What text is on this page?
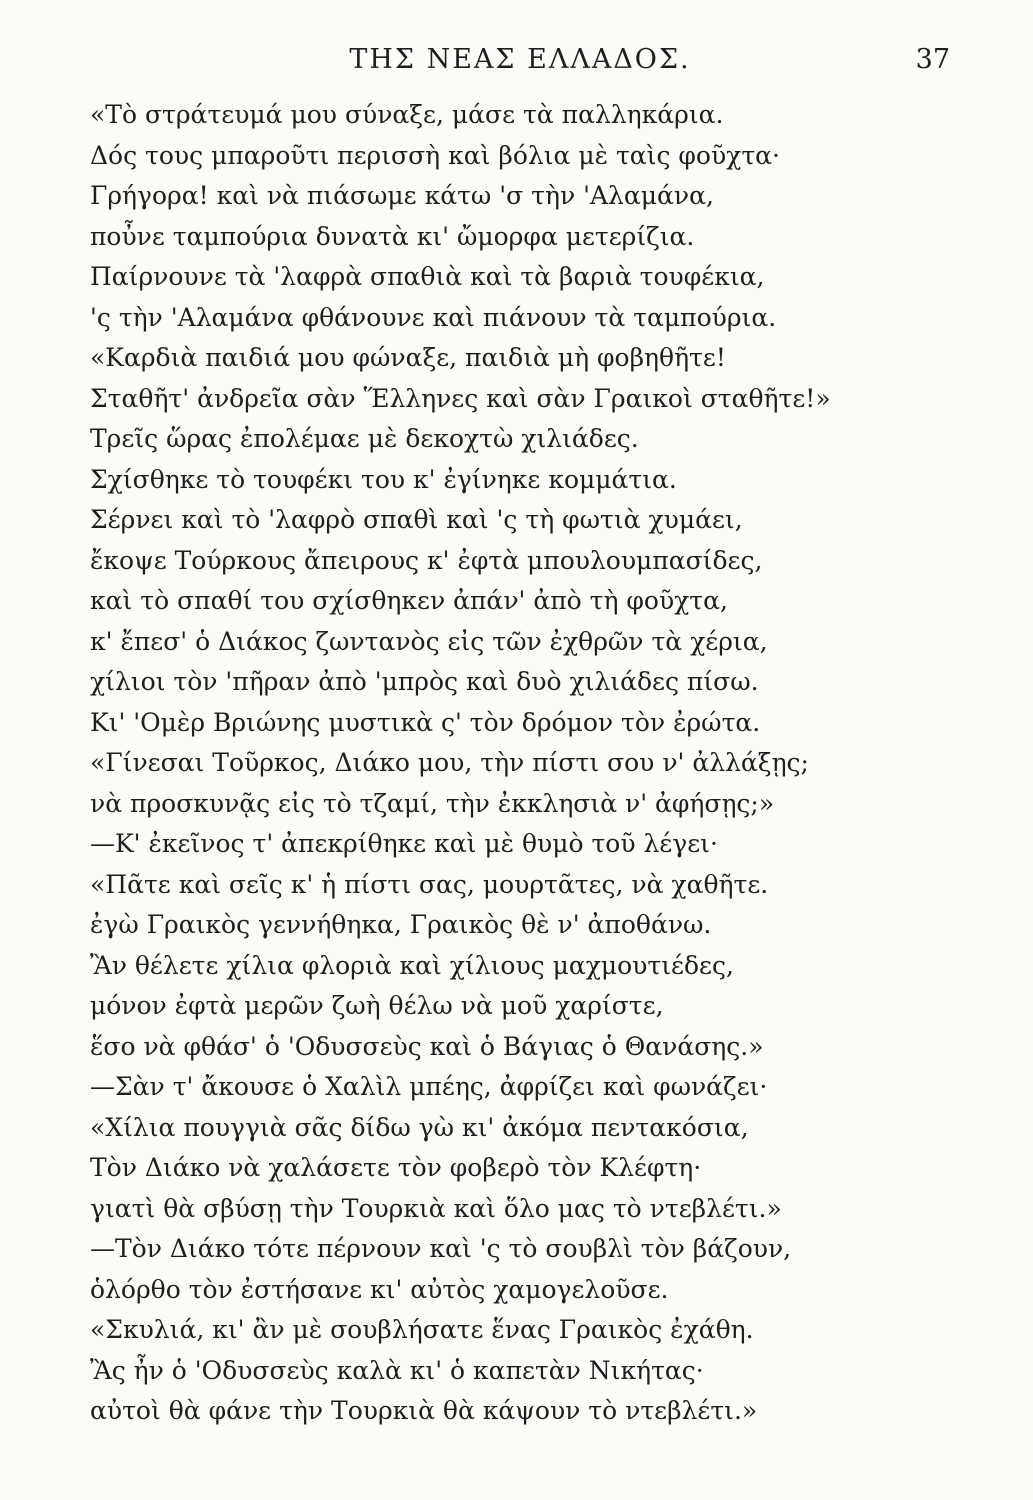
ΤΗΣ ΝΕΑΣ ΕΛΛΑΔΟΣ.	37
«Τὸ στράτευμά μου σύναξε, μάσε τὰ παλληκάρια.
Δός τους μπαροῦτι περισσὴ καὶ βόλια μὲ ταὶς φοῦχτα·
Γρήγορα! καὶ νὰ πιάσωμε κάτω 'σ τὴν 'Αλαμάνα,
ποὖνε ταμπούρια δυνατὰ κι' ὤμορφα μετερίζια.
Παίρνουνε τὰ 'λαφρὰ σπαθιὰ καὶ τὰ βαριὰ τουφέκια,
'ς τὴν 'Αλαμάνα φθάνουνε καὶ πιάνουν τὰ ταμπούρια.
«Καρδιὰ παιδιά μου φώναξε, παιδιὰ μὴ φοβηθῆτε!
Σταθῆτ' ἀνδρεῖα σὰν Ἕλληνες καὶ σὰν Γραικοὶ σταθῆτε!»
Τρεῖς ὥρας ἐπολέμαε μὲ δεκοχτὼ χιλιάδες.
Σχίσθηκε τὸ τουφέκι του κ' ἐγίνηκε κομμάτια.
Σέρνει καὶ τὸ 'λαφρὸ σπαθὶ καὶ 'ς τὴ φωτιὰ χυμάει,
ἔκοψε Τούρκους ἄπειρους κ' ἐφτὰ μπουλουμπασίδες,
καὶ τὸ σπαθί του σχίσθηκεν ἀπάν' ἀπὸ τὴ φοῦχτα,
κ' ἔπεσ' ὁ Διάκος ζωντανὸς εἰς τῶν ἐχθρῶν τὰ χέρια,
χίλιοι τὸν 'πῆραν ἀπὸ 'μπρὸς καὶ δυὸ χιλιάδες πίσω.
Κι' 'Ομὲρ Βριώνης μυστικὰ ς' τὸν δρόμον τὸν ἐρώτα.
«Γίνεσαι Τοῦρκος, Διάκο μου, τὴν πίστι σου ν' ἀλλάξῃς;
νὰ προσκυνᾷς εἰς τὸ τζαμί, τὴν ἐκκλησιὰ ν' ἀφήσῃς;»
—Κ' ἐκεῖνος τ' ἀπεκρίθηκε καὶ μὲ θυμὸ τοῦ λέγει·
«Πᾶτε καὶ σεῖς κ' ἡ πίστι σας, μουρτᾶτες, νὰ χαθῆτε.
ἐγὼ Γραικὸς γεννήθηκα, Γραικὸς θὲ ν' ἀποθάνω.
Ἂν θέλετε χίλια φλοριὰ καὶ χίλιους μαχμουτιέδες,
μόνον ἐφτὰ μερῶν ζωὴ θέλω νὰ μοῦ χαρίστε,
ἕσο νὰ φθάσ' ὁ 'Οδυσσεὺς καὶ ὁ Βάγιας ὁ Θανάσης.»
—Σὰν τ' ἄκουσε ὁ Χαλὶλ μπέης, ἀφρίζει καὶ φωνάζει·
«Χίλια πουγγιὰ σᾶς δίδω γὼ κι' ἀκόμα πεντακόσια,
Τὸν Διάκο νὰ χαλάσετε τὸν φοβερὸ τὸν Κλέφτη·
γιατὶ θὰ σβύσῃ τὴν Τουρκιὰ καὶ ὅλο μας τὸ ντεβλέτι.»
—Τὸν Διάκο τότε πέρνουν καὶ 'ς τὸ σουβλὶ τὸν βάζουν,
ὁλόρθο τὸν ἐστήσανε κι' αὐτὸς χαμογελοῦσε.
«Σκυλιά, κι' ἂν μὲ σουβλήσατε ἕνας Γραικὸς ἐχάθη.
Ἂς ἦν ὁ 'Οδυσσεὺς καλὰ κι' ὁ καπετὰν Νικήτας·
αὐτοὶ θὰ φάνε τὴν Τουρκιὰ θὰ κάψουν τὸ ντεβλέτι.»
